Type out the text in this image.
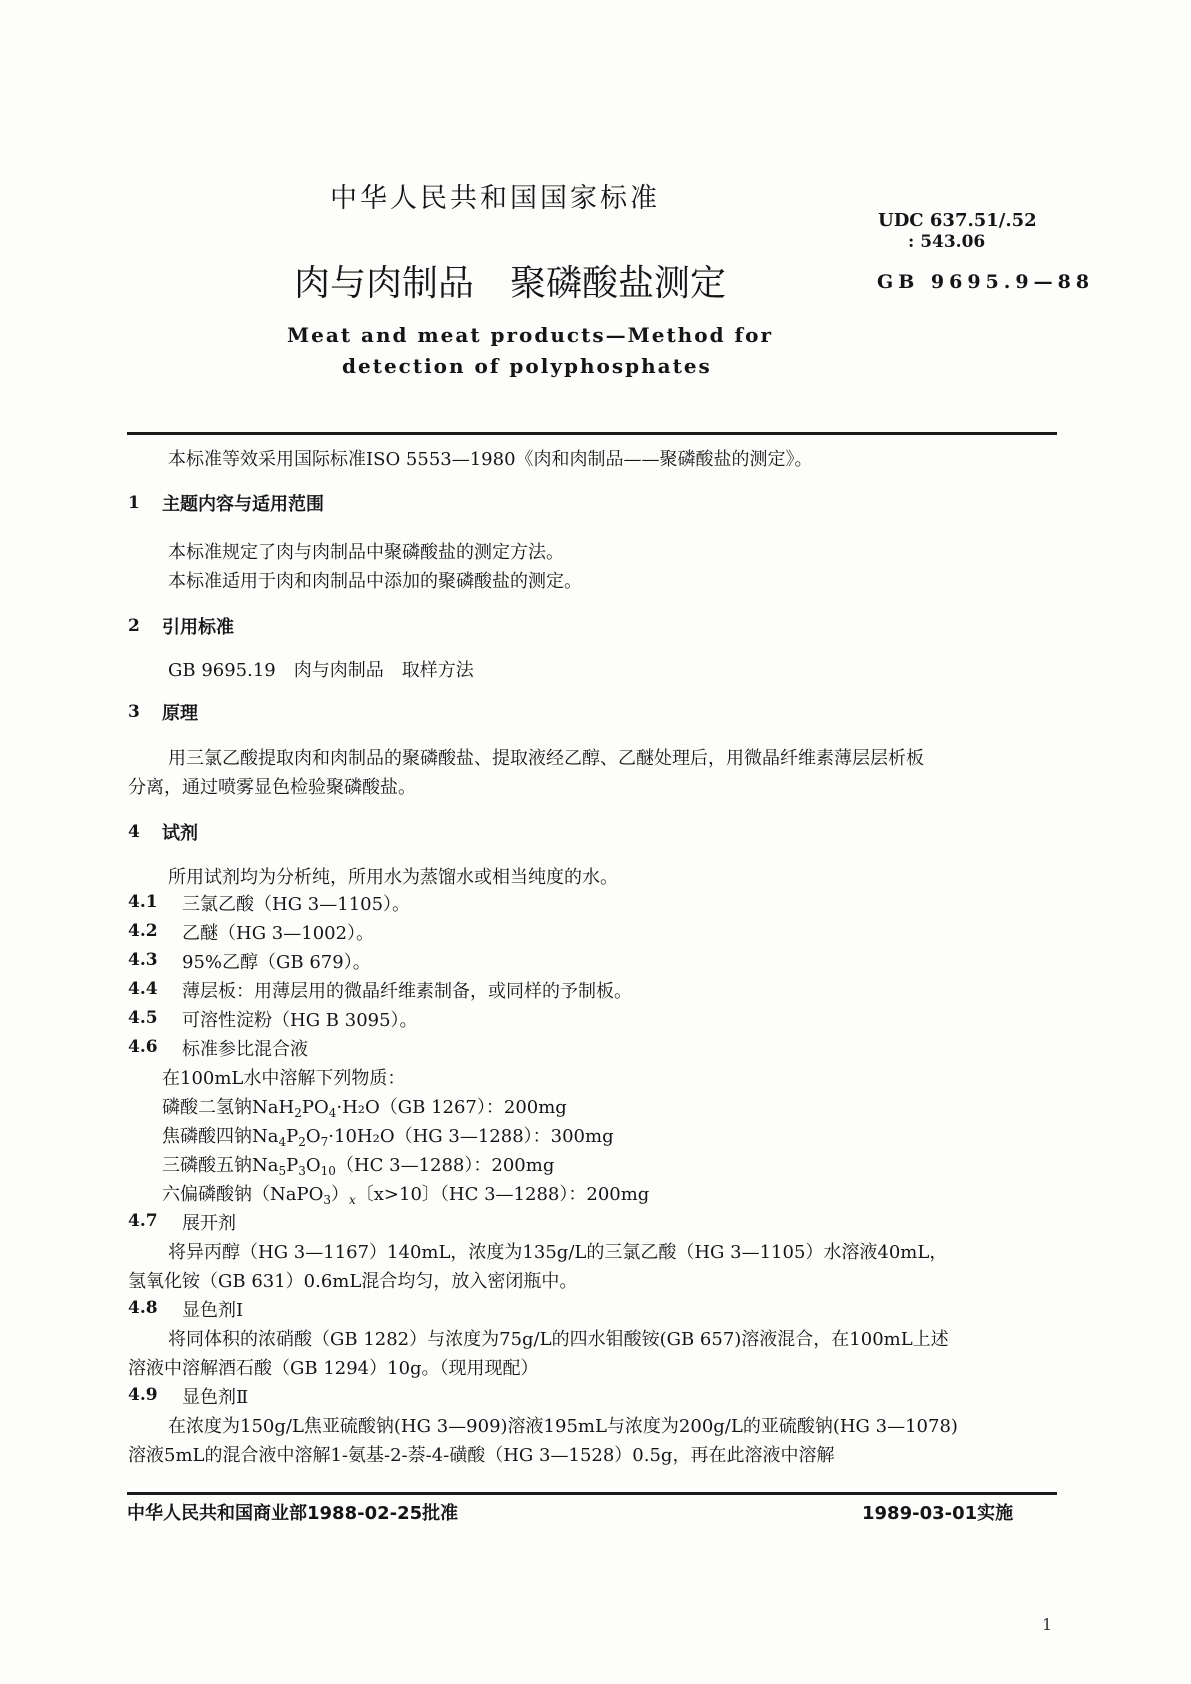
中华人民共和国国家标准
UDC 637.51/.52
: 543.06
肉与肉制品　聚磷酸盐测定	GB 9695.9—88
Meat and meat products—Method for
detection of polyphosphates
本标准等效采用国际标准ISO 5553—1980《肉和肉制品——聚磷酸盐的测定》。
1 主题内容与适用范围
本标准规定了肉与肉制品中聚磷酸盐的测定方法。
本标准适用于肉和肉制品中添加的聚磷酸盐的测定。
2 引用标准
GB 9695.19　肉与肉制品　取样方法
3 原理
用三氯乙酸提取肉和肉制品的聚磷酸盐、提取液经乙醇、乙醚处理后，用微晶纤维素薄层层析板
分离，通过喷雾显色检验聚磷酸盐。
4 试剂
所用试剂均为分析纯，所用水为蒸馏水或相当纯度的水。
4.1 三氯乙酸（HG 3—1105）。
4.2 乙醚（HG 3—1002）。
4.3 95%乙醇（GB 679）。
4.4 薄层板：用薄层用的微晶纤维素制备，或同样的予制板。
4.5 可溶性淀粉（HG B 3095）。
4.6 标准参比混合液
在100mL水中溶解下列物质：
磷酸二氢钠$NaH_2PO_4\cdot H_2O(GB$ 1267）：200mg
焦磷酸四钠$Na_4P_2O_7\cdot 10H_2O(HG$ 3—1288）：300mg
三磷酸五钠$Na_5P_3O_{10}(HC$ 3—1288）：200mg
六偏磷酸钠$(NaPO_3)_x$〔x>10〕（HC 3—1288）：200mg
4.7 展开剂
将异丙醇（HG 3—1167）140mL，浓度为135g/L的三氯乙酸（HG 3—1105）水溶液40mL，
氢氧化铵（GB 631）0.6mL混合均匀，放入密闭瓶中。
4.8 显色剂Ⅰ
将同体积的浓硝酸（GB 1282）与浓度为75g/L的四水钼酸铵(GB 657)溶液混合，在100mL上述
溶液中溶解酒石酸（GB 1294）10g。（现用现配）
4.9 显色剂Ⅱ
在浓度为150g/L焦亚硫酸钠(HG 3—909)溶液195mL与浓度为200g/L的亚硫酸钠(HG 3—1078)
溶液5mL的混合液中溶解1-氨基-2-萘-4-磺酸（HG 3—1528）0.5g，再在此溶液中溶解
中华人民共和国商业部1988-02-25批准	1989-03-01实施
1
